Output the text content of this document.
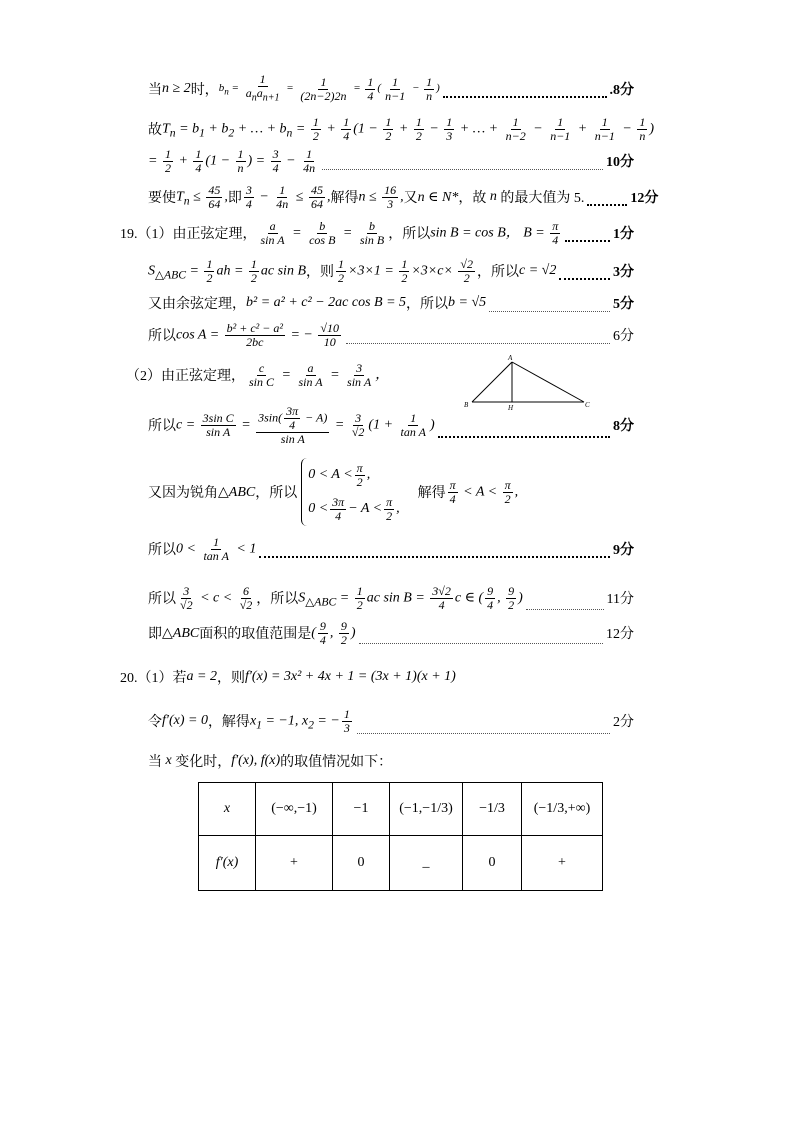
当 n ≥ 2 时， $b_n = \frac{1}{a_na_{n+1}} = \frac{1}{(2n-2)2n} = \frac{1}{4}$ ( $\frac{1}{n-1} - \frac{1}{n}$ )	.8分
故 $T_n = b_1 + b_2$ + … + $b_n = \frac{1}{2} + \frac{1}{4} (1 - \frac{1}{2} + \frac{1}{2} - \frac{1}{3}$ + … + $\frac{1}{n-2} - \frac{1}{n-1} + \frac{1}{n-1} - \frac{1}{n}$ )
= $\frac{1}{2} + \frac{1}{4} (1 - \frac{1}{n}$ ) = $\frac{3}{4} - \frac{1}{4n}$	10分
要使 $T_n \le \frac{45}{64}$ , 即 $\frac{3}{4} - \frac{1}{4n} \le \frac{45}{64}$ , 解得 $n \le \frac{16}{3}$ , 又 n ∈ N* ，故 n 的最大值为 5.	12分
19.（1）由正弦定理， $\frac{a}{\text{sin A}} = \frac{b}{\text{cos B}} = \frac{b}{\text{sin B}}$ ，所以 sin B = cos B， $B = \frac{\pi}{4}$	1分
$S_{\triangle ABC} = \frac{1}{2}$ ah = $\frac{1}{2}$ ac sin B ，则 $\frac{1}{2} \times 3\times 1 = \frac{1}{2} \times 3\times c\times \frac{√2}{2}$ ，所以 c = √2	3分
又由余弦定理， b² = a² + c² − 2ac cos B = 5 ，所以 b = √5	5分
所以 $\cos A = \frac{\text{b² + c² − a²}}{2bc}$ = − $\frac{√10}{10}$	6分
（2）由正弦定理， $\frac{c}{\text{sin C}} = \frac{a}{\text{sin A}} = \frac{3}{\text{sin A}}$ ，
A
B	H	C
所以 $c = \frac{\text{3sin C}}{\text{sin A}} = \frac{3\sin( \frac{3\pi}{4} - A)}{\text{sin A}} = \frac{3}{√2} (1 + \frac{1}{\text{tan A}}$ )	8分
又因为锐角 △ABC ，所以
$0 < A < \frac{\pi}{2}$ ,
$0 < \frac{3\pi}{4} - A < \frac{\pi}{2}$ ,
解得 $\frac{\pi}{4} < A < \frac{\pi}{2}$ ,
所以 $0 < \frac{1}{\text{tan A}} < 1$	9分
所以 $\frac{3}{√2} < c < \frac{6}{√2}$ ，所以 $S_{\triangle ABC} = \frac{1}{2}$ ac $\sin B = \frac{3√2}{4}$ c ∈ ( $\frac{9}{4}$ , $\frac{9}{2}$ )	11分
即 △ABC 面积的取值范围是 ( $\frac{9}{4}$ , $\frac{9}{2}$ )	12分
20.（1）若 a = 2 ，则 f′(x) = 3x² + 4x + 1 = (3x + 1)(x + 1)
令 f′(x) = 0 ，解得 $x_1 = -1$, $x_2$ = − $\frac{1}{3}$	2分
当 x 变化时， f′(x), f(x) 的取值情况如下：
x	(−∞,−1)	−1	(−1,−1/3)	−1/3	(−1/3,+∞)
f′(x)	+	0	_	0	+
